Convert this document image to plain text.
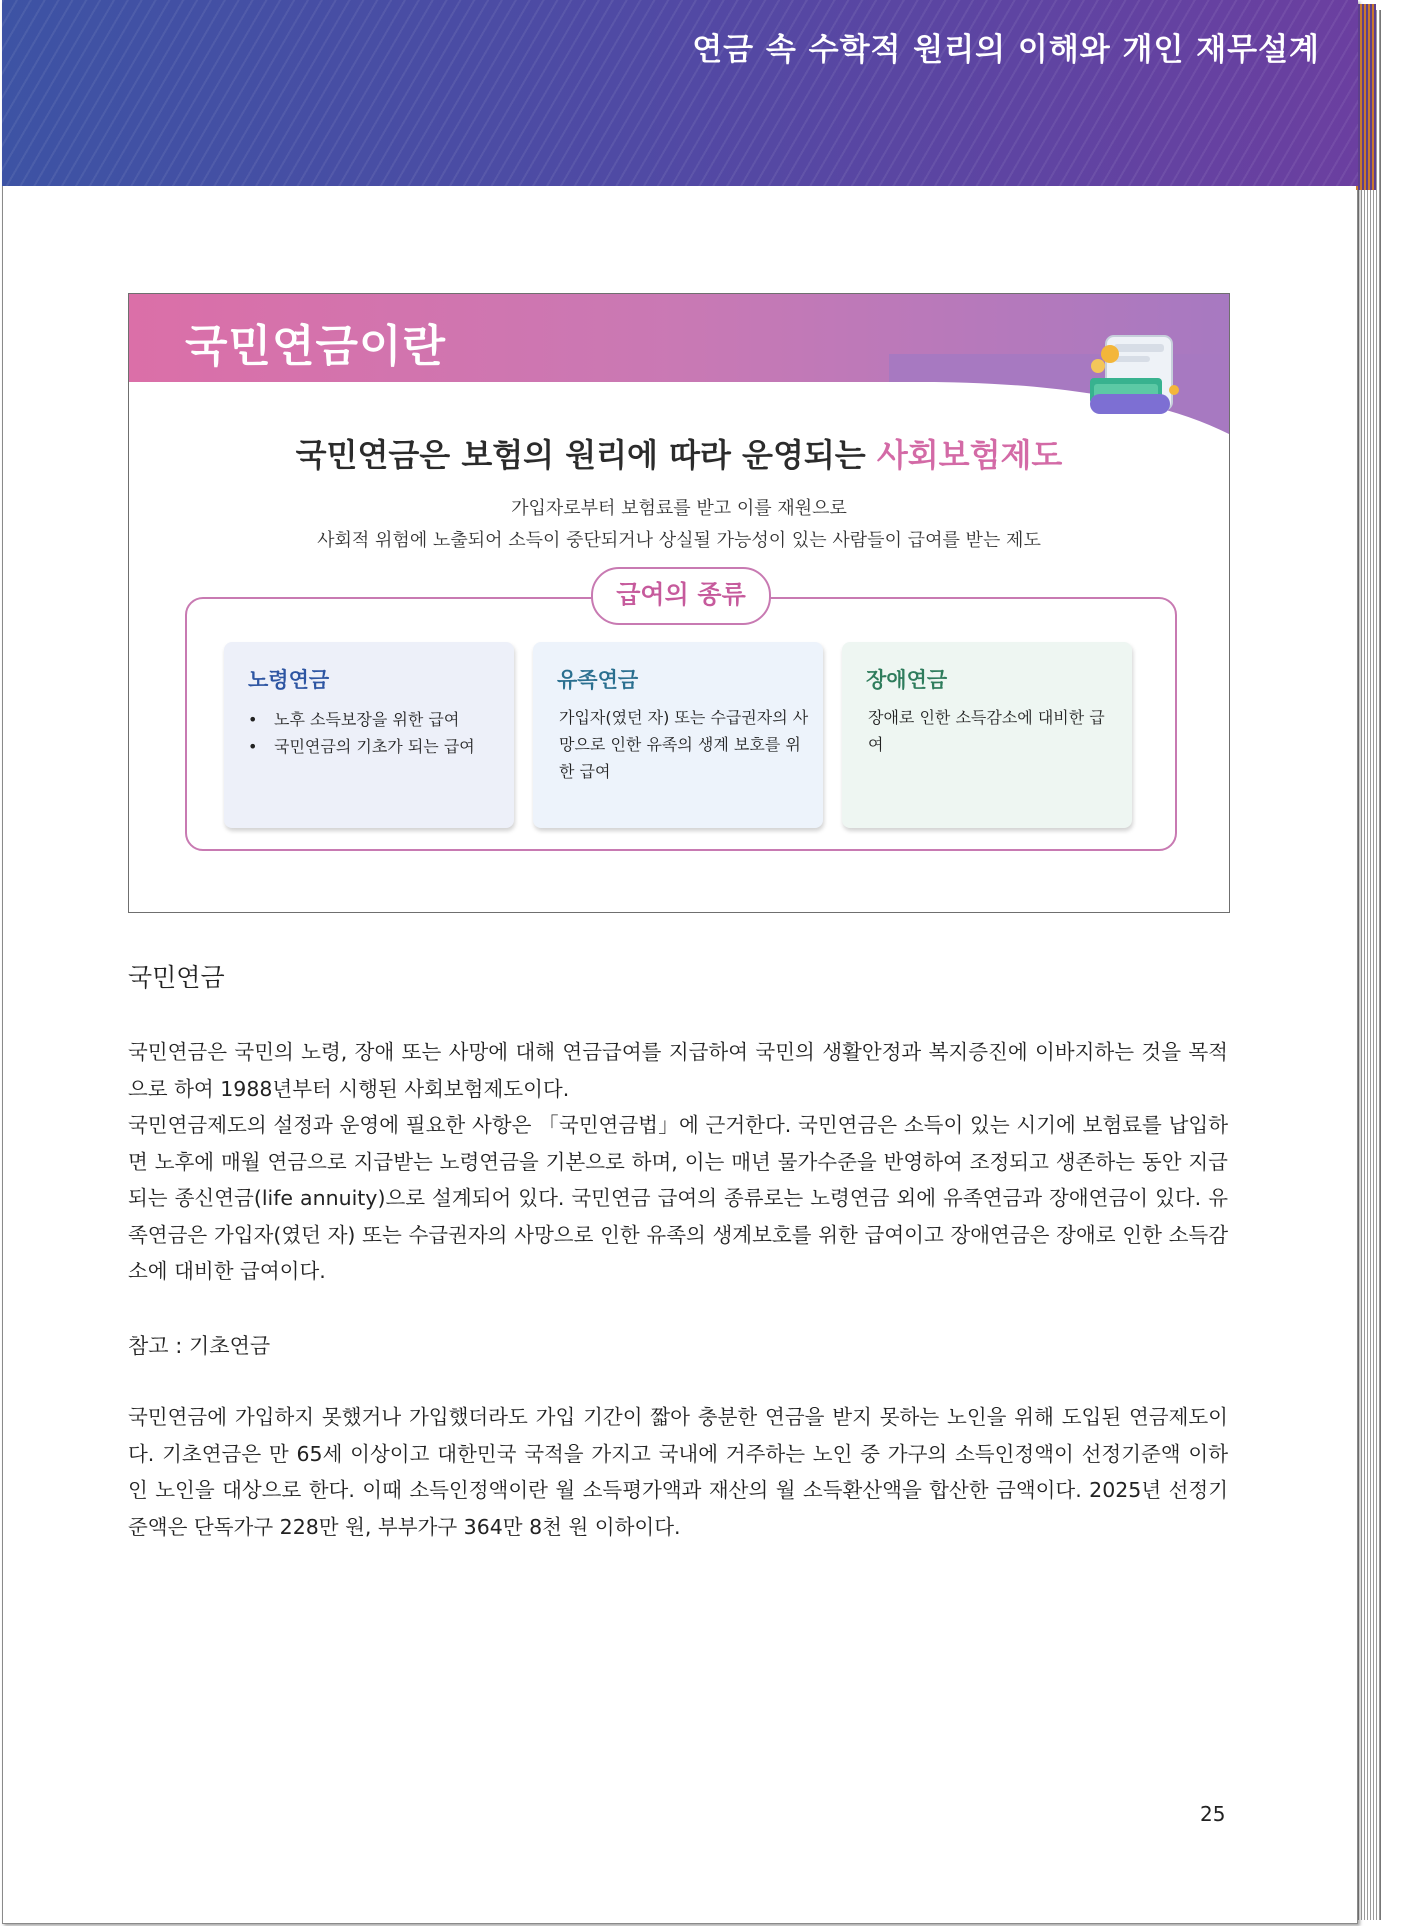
연금 속 수학적 원리의 이해와 개인 재무설계
국민연금이란
국민연금은 보험의 원리에 따라 운영되는 사회보험제도
가입자로부터 보험료를 받고 이를 재원으로
사회적 위험에 노출되어 소득이 중단되거나 상실될 가능성이 있는 사람들이 급여를 받는 제도
급여의 종류
노령연금
• 노후 소득보장을 위한 급여
• 국민연금의 기초가 되는 급여
유족연금
가입자(였던 자) 또는 수급권자의 사망으로 인한 유족의 생계 보호를 위한 급여
장애연금
장애로 인한 소득감소에 대비한 급여
국민연금

국민연금은 국민의 노령, 장애 또는 사망에 대해 연금급여를 지급하여 국민의 생활안정과 복지증진에 이바지하는 것을 목적으로 하여 1988년부터 시행된 사회보험제도이다.

국민연금제도의 설정과 운영에 필요한 사항은 「국민연금법」에 근거한다. 국민연금은 소득이 있는 시기에 보험료를 납입하면 노후에 매월 연금으로 지급받는 노령연금을 기본으로 하며, 이는 매년 물가수준을 반영하여 조정되고 생존하는 동안 지급되는 종신연금(life annuity)으로 설계되어 있다. 국민연금 급여의 종류로는 노령연금 외에 유족연금과 장애연금이 있다. 유족연금은 가입자(였던 자) 또는 수급권자의 사망으로 인한 유족의 생계보호를 위한 급여이고 장애연금은 장애로 인한 소득감소에 대비한 급여이다.

참고 : 기초연금

국민연금에 가입하지 못했거나 가입했더라도 가입 기간이 짧아 충분한 연금을 받지 못하는 노인을 위해 도입된 연금제도이다. 기초연금은 만 65세 이상이고 대한민국 국적을 가지고 국내에 거주하는 노인 중 가구의 소득인정액이 선정기준액 이하인 노인을 대상으로 한다. 이때 소득인정액이란 월 소득평가액과 재산의 월 소득환산액을 합산한 금액이다. 2025년 선정기준액은 단독가구 228만 원, 부부가구 364만 8천 원 이하이다.

25
